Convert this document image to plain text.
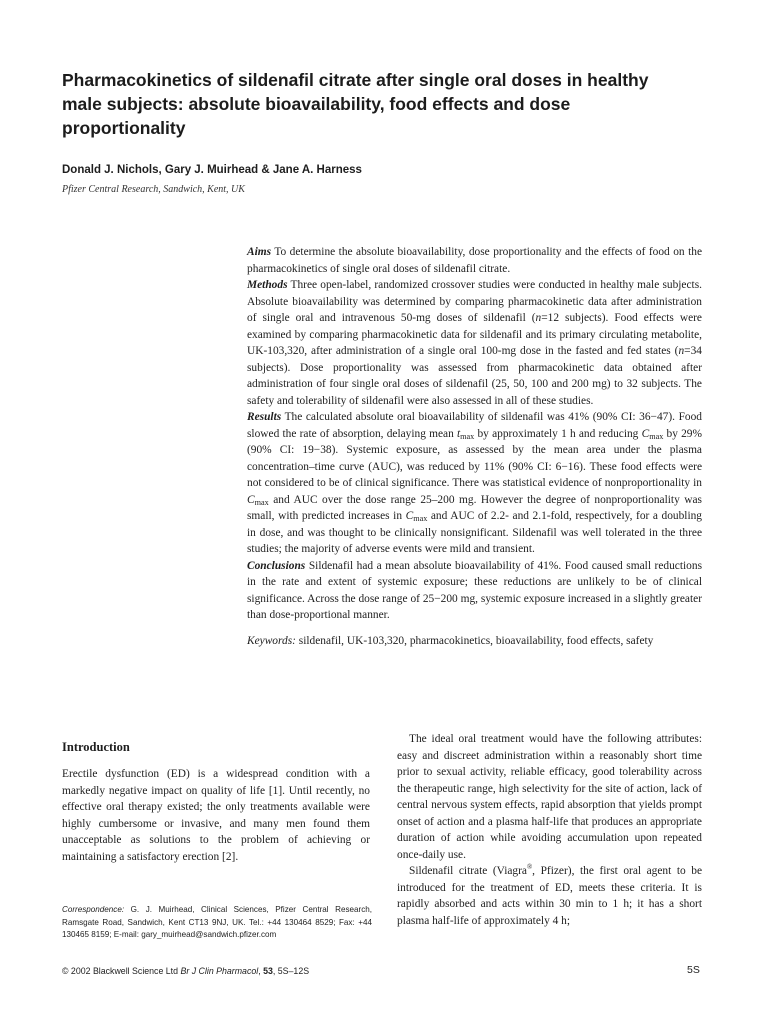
Pharmacokinetics of sildenafil citrate after single oral doses in healthy male subjects: absolute bioavailability, food effects and dose proportionality
Donald J. Nichols, Gary J. Muirhead & Jane A. Harness
Pfizer Central Research, Sandwich, Kent, UK

Aims To determine the absolute bioavailability, dose proportionality and the effects of food on the pharmacokinetics of single oral doses of sildenafil citrate.

Methods Three open-label, randomized crossover studies were conducted in healthy male subjects. Absolute bioavailability was determined by comparing pharmacokinetic data after administration of single oral and intravenous 50-mg doses of sildenafil (n=12 subjects). Food effects were examined by comparing pharmacokinetic data for sildenafil and its primary circulating metabolite, UK-103,320, after administration of a single oral 100-mg dose in the fasted and fed states (n=34 subjects). Dose proportionality was assessed from pharmacokinetic data obtained after administration of four single oral doses of sildenafil (25, 50, 100 and 200 mg) to 32 subjects. The safety and tolerability of sildenafil were also assessed in all of these studies.

Results The calculated absolute oral bioavailability of sildenafil was 41% (90% CI: 36−47). Food slowed the rate of absorption, delaying mean $t_{max}$ by approximately 1 h and reducing $C_{max}$ by 29% (90% CI: 19−38). Systemic exposure, as assessed by the mean area under the plasma concentration–time curve (AUC), was reduced by 11% (90% CI: 6−16). These food effects were not considered to be of clinical significance. There was statistical evidence of nonproportionality in $C_{max}$ and AUC over the dose range 25–200 mg. However the degree of nonproportionality was small, with predicted increases in $C_{max}$ and AUC of 2.2- and 2.1-fold, respectively, for a doubling in dose, and was thought to be clinically nonsignificant. Sildenafil was well tolerated in the three studies; the majority of adverse events were mild and transient.

Conclusions Sildenafil had a mean absolute bioavailability of 41%. Food caused small reductions in the rate and extent of systemic exposure; these reductions are unlikely to be of clinical significance. Across the dose range of 25−200 mg, systemic exposure increased in a slightly greater than dose-proportional manner.

Keywords: sildenafil, UK-103,320, pharmacokinetics, bioavailability, food effects, safety

Introduction

Erectile dysfunction (ED) is a widespread condition with a markedly negative impact on quality of life [1]. Until recently, no effective oral therapy existed; the only treatments available were highly cumbersome or invasive, and many men found them unacceptable as solutions to the problem of achieving or maintaining a satisfactory erection [2].

Correspondence: G. J. Muirhead, Clinical Sciences, Pfizer Central Research, Ramsgate Road, Sandwich, Kent CT13 9NJ, UK. Tel.: +44 130464 8529; Fax: +44 130465 8159; E-mail: gary_muirhead@sandwich.pfizer.com

The ideal oral treatment would have the following attributes: easy and discreet administration within a reasonably short time prior to sexual activity, reliable efficacy, good tolerability across the therapeutic range, high selectivity for the site of action, lack of central nervous system effects, rapid absorption that yields prompt onset of action and a plasma half-life that produces an appropriate duration of action while avoiding accumulation upon repeated once-daily use.

Sildenafil citrate (Viagra®, Pfizer), the first oral agent to be introduced for the treatment of ED, meets these criteria. It is rapidly absorbed and acts within 30 min to 1 h; it has a short plasma half-life of approximately 4 h;

© 2002 Blackwell Science Ltd Br J Clin Pharmacol, 53, 5S–12S	5S
